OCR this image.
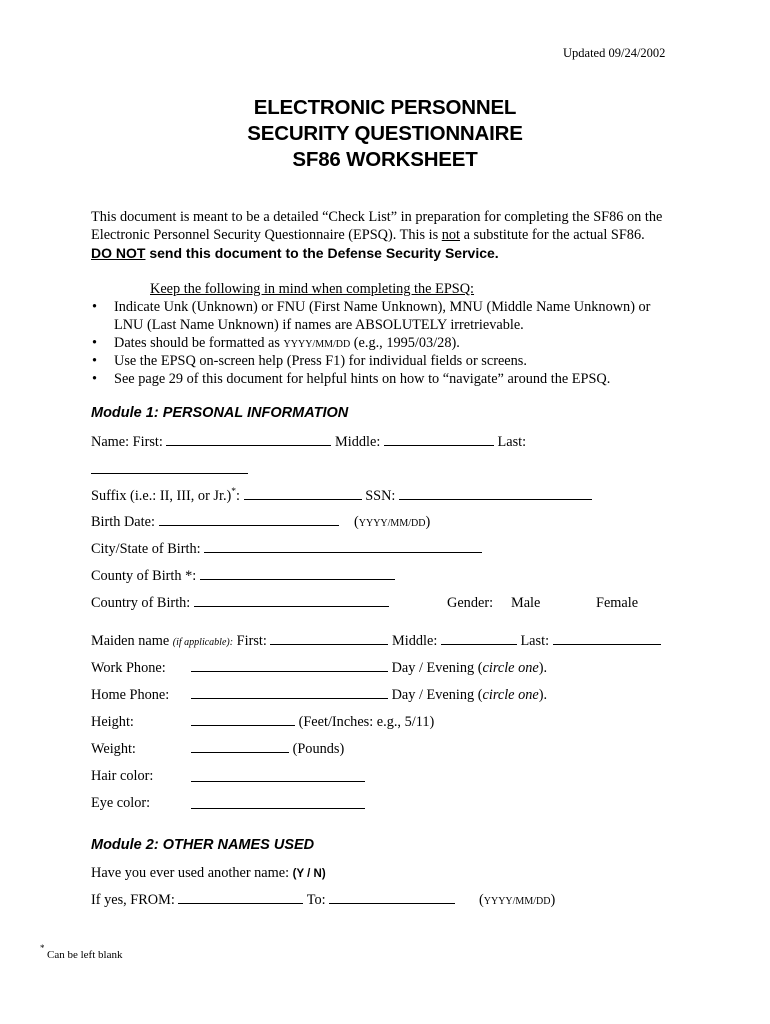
Updated 09/24/2002
ELECTRONIC PERSONNEL
SECURITY QUESTIONNAIRE
SF86 WORKSHEET
This document is meant to be a detailed “Check List” in preparation for completing the SF86 on the
Electronic Personnel Security Questionnaire (EPSQ). This is not a substitute for the actual SF86.
DO NOT send this document to the Defense Security Service.
Keep the following in mind when completing the EPSQ:
• Indicate Unk (Unknown) or FNU (First Name Unknown), MNU (Middle Name Unknown) or
LNU (Last Name Unknown) if names are ABSOLUTELY irretrievable.
• Dates should be formatted as YYYY/MM/DD (e.g., 1995/03/28).
• Use the EPSQ on-screen help (Press F1) for individual fields or screens.
• See page 29 of this document for helpful hints on how to “navigate” around the EPSQ.
Module 1: PERSONAL INFORMATION
Name: First:	Middle:	Last:
Suffix (i.e.: II, III, or Jr.)*:	SSN:
Birth Date:	(YYYY/MM/DD)
City/State of Birth:
County of Birth *:
Country of Birth:	Gender: Male	Female
Maiden name (if applicable): First:	Middle:	Last:
Work Phone:	Day / Evening (circle one).
Home Phone:	Day / Evening (circle one).
Height:	(Feet/Inches: e.g., 5/11)
Weight:	(Pounds)
Hair color:
Eye color:
Module 2: OTHER NAMES USED
Have you ever used another name: (Y / N)
If yes, FROM:	To:	(YYYY/MM/DD)
*
Can be left blank
